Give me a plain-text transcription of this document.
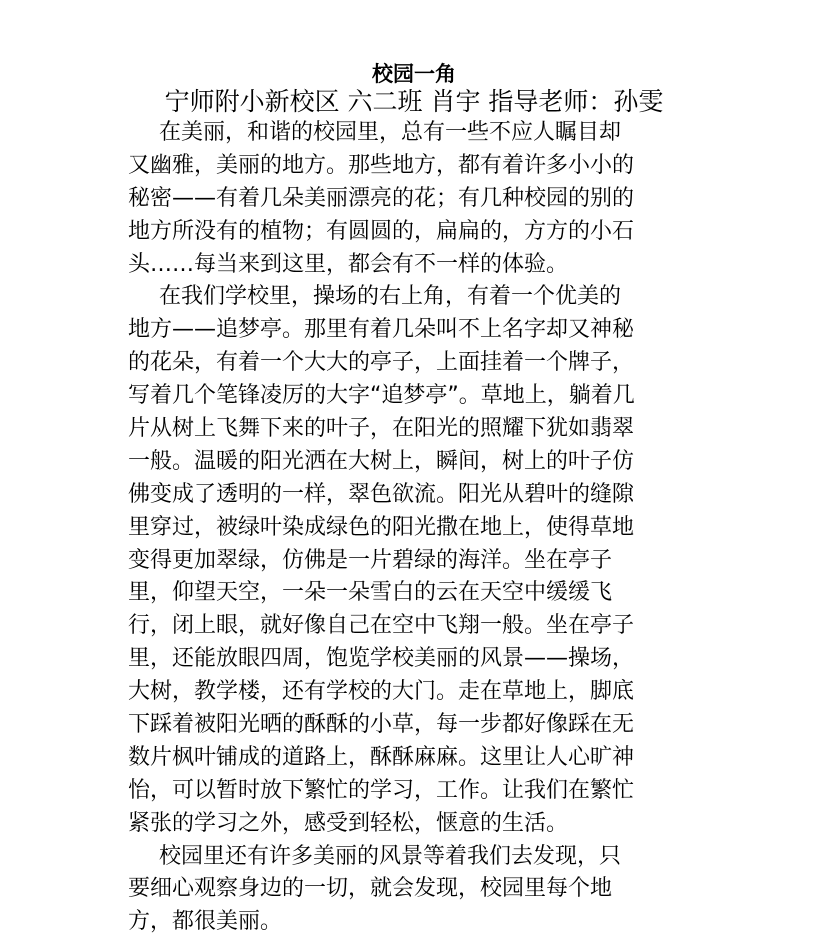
校园一角
宁师附小新校区 六二班 肖宇 指导老师：孙雯

在美丽，和谐的校园里，总有一些不应人瞩目却
又幽雅，美丽的地方。那些地方，都有着许多小小的
秘密——有着几朵美丽漂亮的花；有几种校园的别的
地方所没有的植物；有圆圆的，扁扁的，方方的小石
头……每当来到这里，都会有不一样的体验。

在我们学校里，操场的右上角，有着一个优美的
地方——追梦亭。那里有着几朵叫不上名字却又神秘
的花朵，有着一个大大的亭子，上面挂着一个牌子，
写着几个笔锋凌厉的大字“追梦亭”。草地上，躺着几
片从树上飞舞下来的叶子，在阳光的照耀下犹如翡翠
一般。温暖的阳光洒在大树上，瞬间，树上的叶子仿
佛变成了透明的一样，翠色欲流。阳光从碧叶的缝隙
里穿过，被绿叶染成绿色的阳光撒在地上，使得草地
变得更加翠绿，仿佛是一片碧绿的海洋。坐在亭子
里，仰望天空，一朵一朵雪白的云在天空中缓缓飞
行，闭上眼，就好像自己在空中飞翔一般。坐在亭子
里，还能放眼四周，饱览学校美丽的风景——操场，
大树，教学楼，还有学校的大门。走在草地上，脚底
下踩着被阳光晒的酥酥的小草，每一步都好像踩在无
数片枫叶铺成的道路上，酥酥麻麻。这里让人心旷神
怡，可以暂时放下繁忙的学习，工作。让我们在繁忙
紧张的学习之外，感受到轻松，惬意的生活。

校园里还有许多美丽的风景等着我们去发现，只
要细心观察身边的一切，就会发现，校园里每个地
方，都很美丽。
